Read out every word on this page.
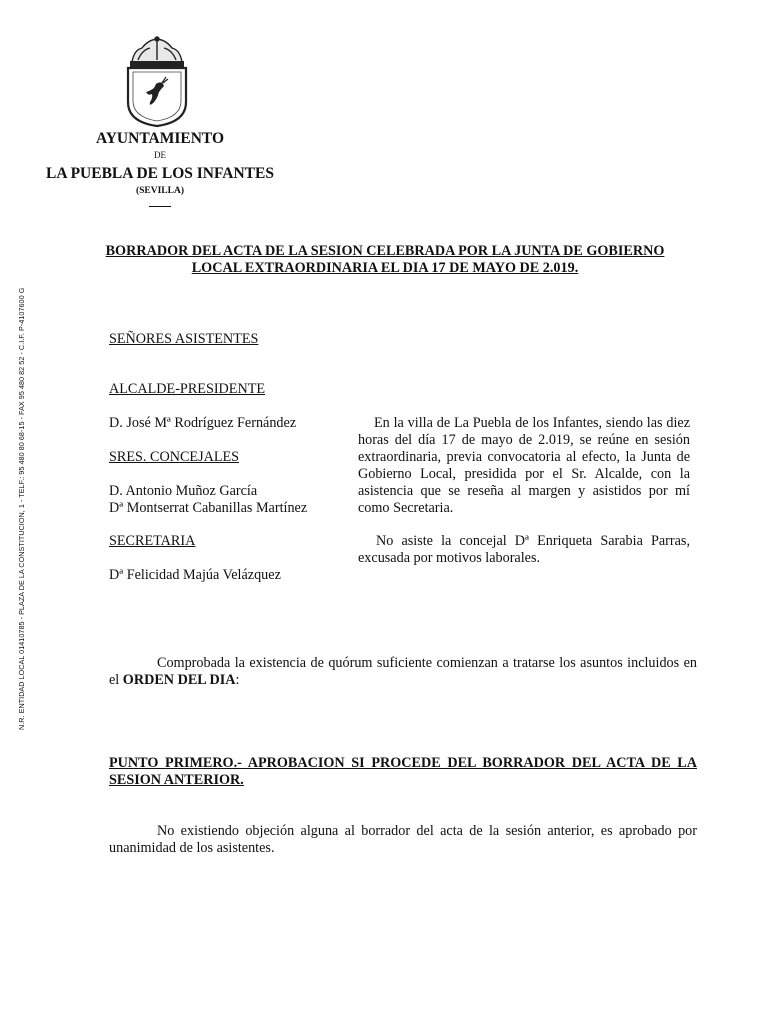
N.R. ENTIDAD LOCAL 01410785 - PLAZA DE LA CONSTITUCION, 1 - TELF.: 95 480 80 68-15 - FAX 95 480 82 52 - C.I.F. P-4107600 G
AYUNTAMIENTO
DE
LA PUEBLA DE LOS INFANTES
(SEVILLA)
BORRADOR DEL ACTA DE LA SESION CELEBRADA POR LA JUNTA DE GOBIERNO LOCAL EXTRAORDINARIA EL DIA 17 DE MAYO DE 2.019.
SEÑORES ASISTENTES
ALCALDE-PRESIDENTE
D. José Mª Rodríguez Fernández
SRES. CONCEJALES
D. Antonio Muñoz García
Dª Montserrat Cabanillas Martínez
SECRETARIA
Dª Felicidad Majúa Velázquez
En la villa de La Puebla de los Infantes, siendo las diez horas del día 17 de mayo de 2.019, se reúne en sesión extraordinaria, previa convocatoria al efecto, la Junta de Gobierno Local, presidida por el Sr. Alcalde, con la asistencia que se reseña al margen y asistidos por mí como Secretaria.
No asiste la concejal Dª Enriqueta Sarabia Parras, excusada por motivos laborales.
Comprobada la existencia de quórum suficiente comienzan a tratarse los asuntos incluidos en el ORDEN DEL DIA:
PUNTO PRIMERO.- APROBACION SI PROCEDE DEL BORRADOR DEL ACTA DE LA SESION ANTERIOR.
No existiendo objeción alguna al borrador del acta de la sesión anterior, es aprobado por unanimidad de los asistentes.
